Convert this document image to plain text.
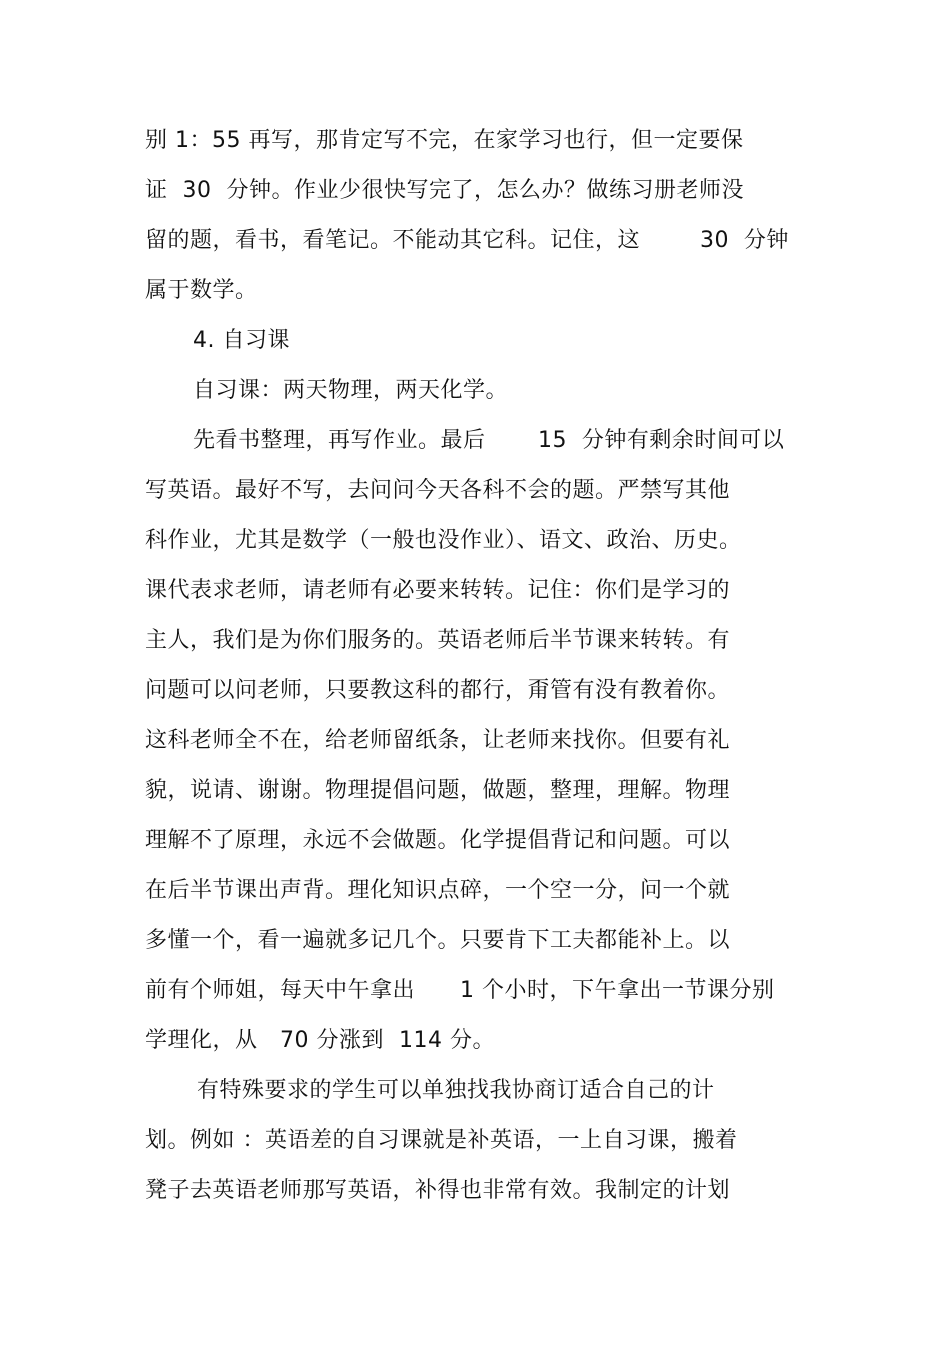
别 1：55 再写，那肯定写不完，在家学习也行，但一定要保
证  30  分钟。作业少很快写完了，怎么办？做练习册老师没
留的题，看书，看笔记。不能动其它科。记住，这        30  分钟
属于数学。
4. 自习课
自习课：两天物理，两天化学。
先看书整理，再写作业。最后       15  分钟有剩余时间可以
写英语。最好不写，去问问今天各科不会的题。严禁写其他
科作业，尤其是数学（一般也没作业）、语文、政治、历史。
课代表求老师，请老师有必要来转转。记住：你们是学习的
主人，我们是为你们服务的。英语老师后半节课来转转。有
问题可以问老师，只要教这科的都行，甭管有没有教着你。
这科老师全不在，给老师留纸条，让老师来找你。但要有礼
貌，说请、谢谢。物理提倡问题，做题，整理，理解。物理
理解不了原理，永远不会做题。化学提倡背记和问题。可以
在后半节课出声背。理化知识点碎，一个空一分，问一个就
多懂一个，看一遍就多记几个。只要肯下工夫都能补上。以
前有个师姐，每天中午拿出      1 个小时，下午拿出一节课分别
学理化，从   70 分涨到  114 分。
有特殊要求的学生可以单独找我协商订适合自己的计
划。例如 ：英语差的自习课就是补英语，一上自习课，搬着
凳子去英语老师那写英语，补得也非常有效。我制定的计划
